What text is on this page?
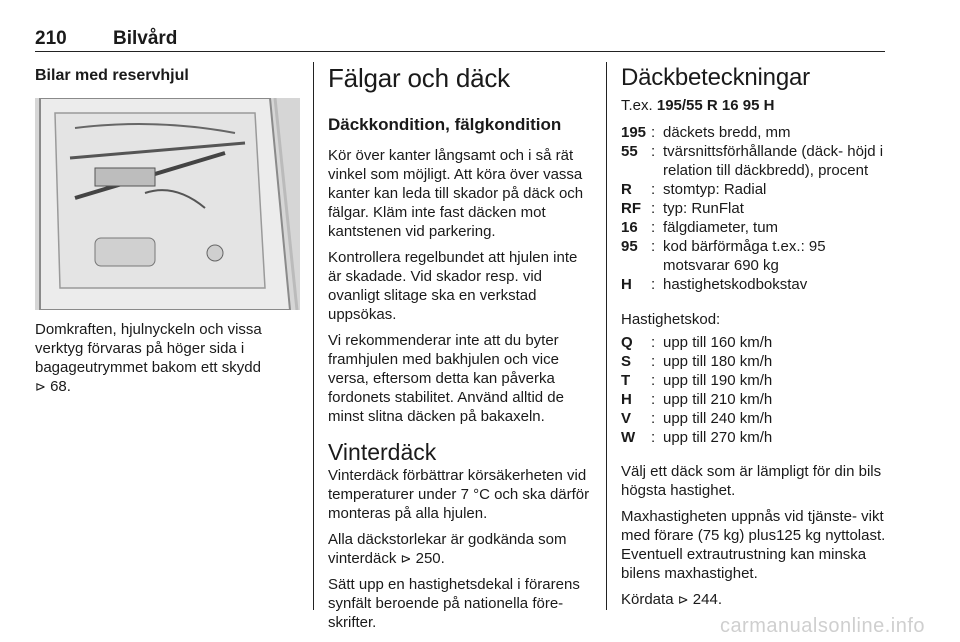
210 Bilvård
Bilar med reservhjul

Domkraften, hjulnyckeln och vissa verktyg förvaras på höger sida i bagageutrymmet bakom ett skydd
⊳ 68.

Fälgar och däck
Däckkondition, fälgkondition

Kör över kanter långsamt och i så rät vinkel som möjligt. Att köra över vassa kanter kan leda till skador på däck och fälgar. Kläm inte fast däcken mot kantstenen vid parkering.

Kontrollera regelbundet att hjulen inte är skadade. Vid skador resp. vid ovanligt slitage ska en verkstad uppsökas.

Vi rekommenderar inte att du byter framhjulen med bakhjulen och vice versa, eftersom detta kan påverka fordonets stabilitet. Använd alltid de minst slitna däcken på bakaxeln.

Vinterdäck

Vinterdäck förbättrar körsäkerheten vid temperaturer under 7 °C och ska därför monteras på alla hjulen.

Alla däckstorlekar är godkända som vinterdäck ⊳ 250.

Sätt upp en hastighetsdekal i förarens synfält beroende på nationella före- skrifter.

Däckbeteckningar

T.ex. 195/55 R 16 95 H

195 : däckets bredd, mm
55 : tvärsnittsförhållande (däck- höjd i relation till däckbredd), procent
R	: stomtyp: Radial
RF : typ: RunFlat
16 : fälgdiameter, tum
95 : kod bärförmåga t.ex.: 95 motsvarar 690 kg
H	: hastighetskodbokstav

Hastighetskod:

Q	: upp till 160 km/h
S	: upp till 180 km/h
T	: upp till 190 km/h
H	: upp till 210 km/h
V	: upp till 240 km/h
W	: upp till 270 km/h

Välj ett däck som är lämpligt för din bils högsta hastighet.

Maxhastigheten uppnås vid tjänste- vikt med förare (75 kg) plus125 kg nyttolast. Eventuell extrautrustning kan minska bilens maxhastighet.

Kördata ⊳ 244.

carmanualsonline.info
